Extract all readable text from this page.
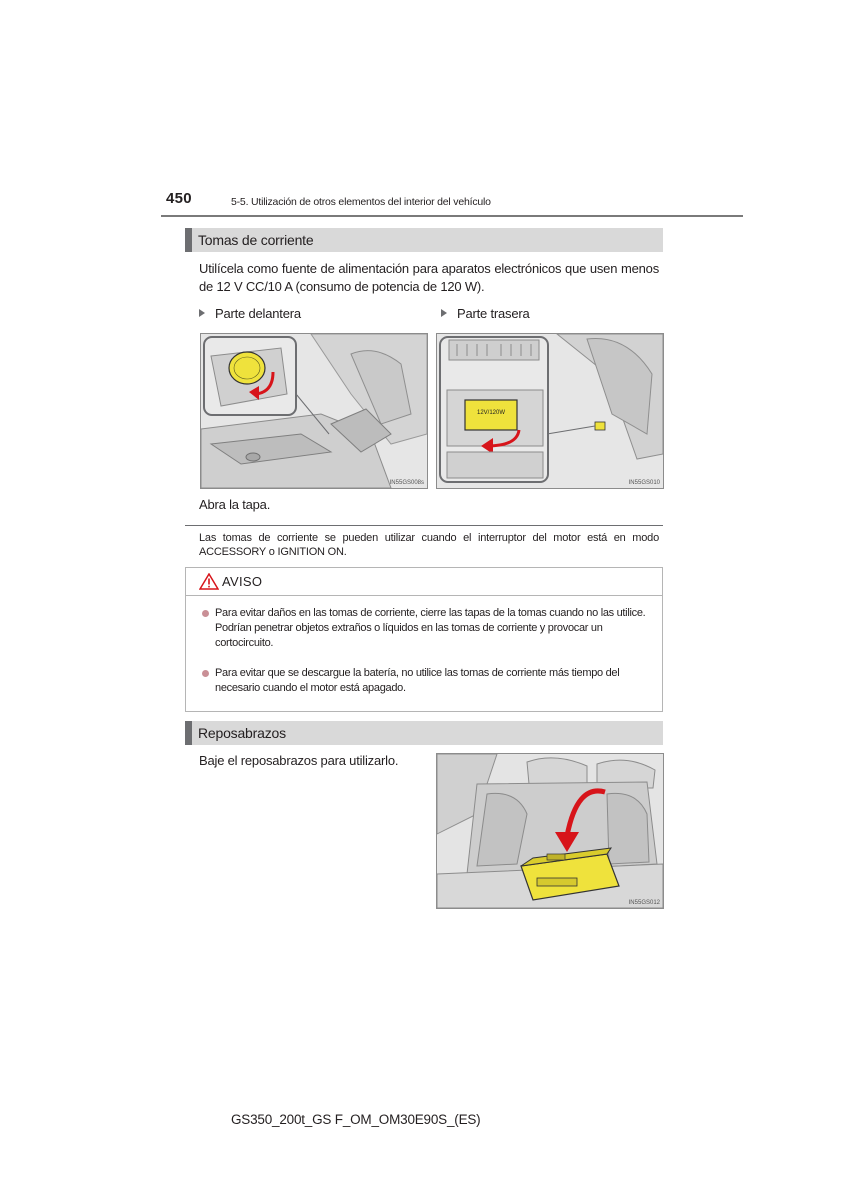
450	5-5. Utilización de otros elementos del interior del vehículo
Tomas de corriente
Utilícela como fuente de alimentación para aparatos electrónicos que usen menos de 12 V CC/10 A (consumo de potencia de 120 W).
Parte delantera	Parte trasera
IN55GS008s
12V/120W
IN55GS010
Abra la tapa.
Las tomas de corriente se pueden utilizar cuando el interruptor del motor está en modo ACCESSORY o IGNITION ON.
AVISO
Para evitar daños en las tomas de corriente, cierre las tapas de la tomas cuando no las utilice.
Podrían penetrar objetos extraños o líquidos en las tomas de corriente y provocar un cortocircuito.
Para evitar que se descargue la batería, no utilice las tomas de corriente más tiempo del necesario cuando el motor está apagado.
Reposabrazos
Baje el reposabrazos para utilizarlo.
IN55GS012
GS350_200t_GS F_OM_OM30E90S_(ES)
